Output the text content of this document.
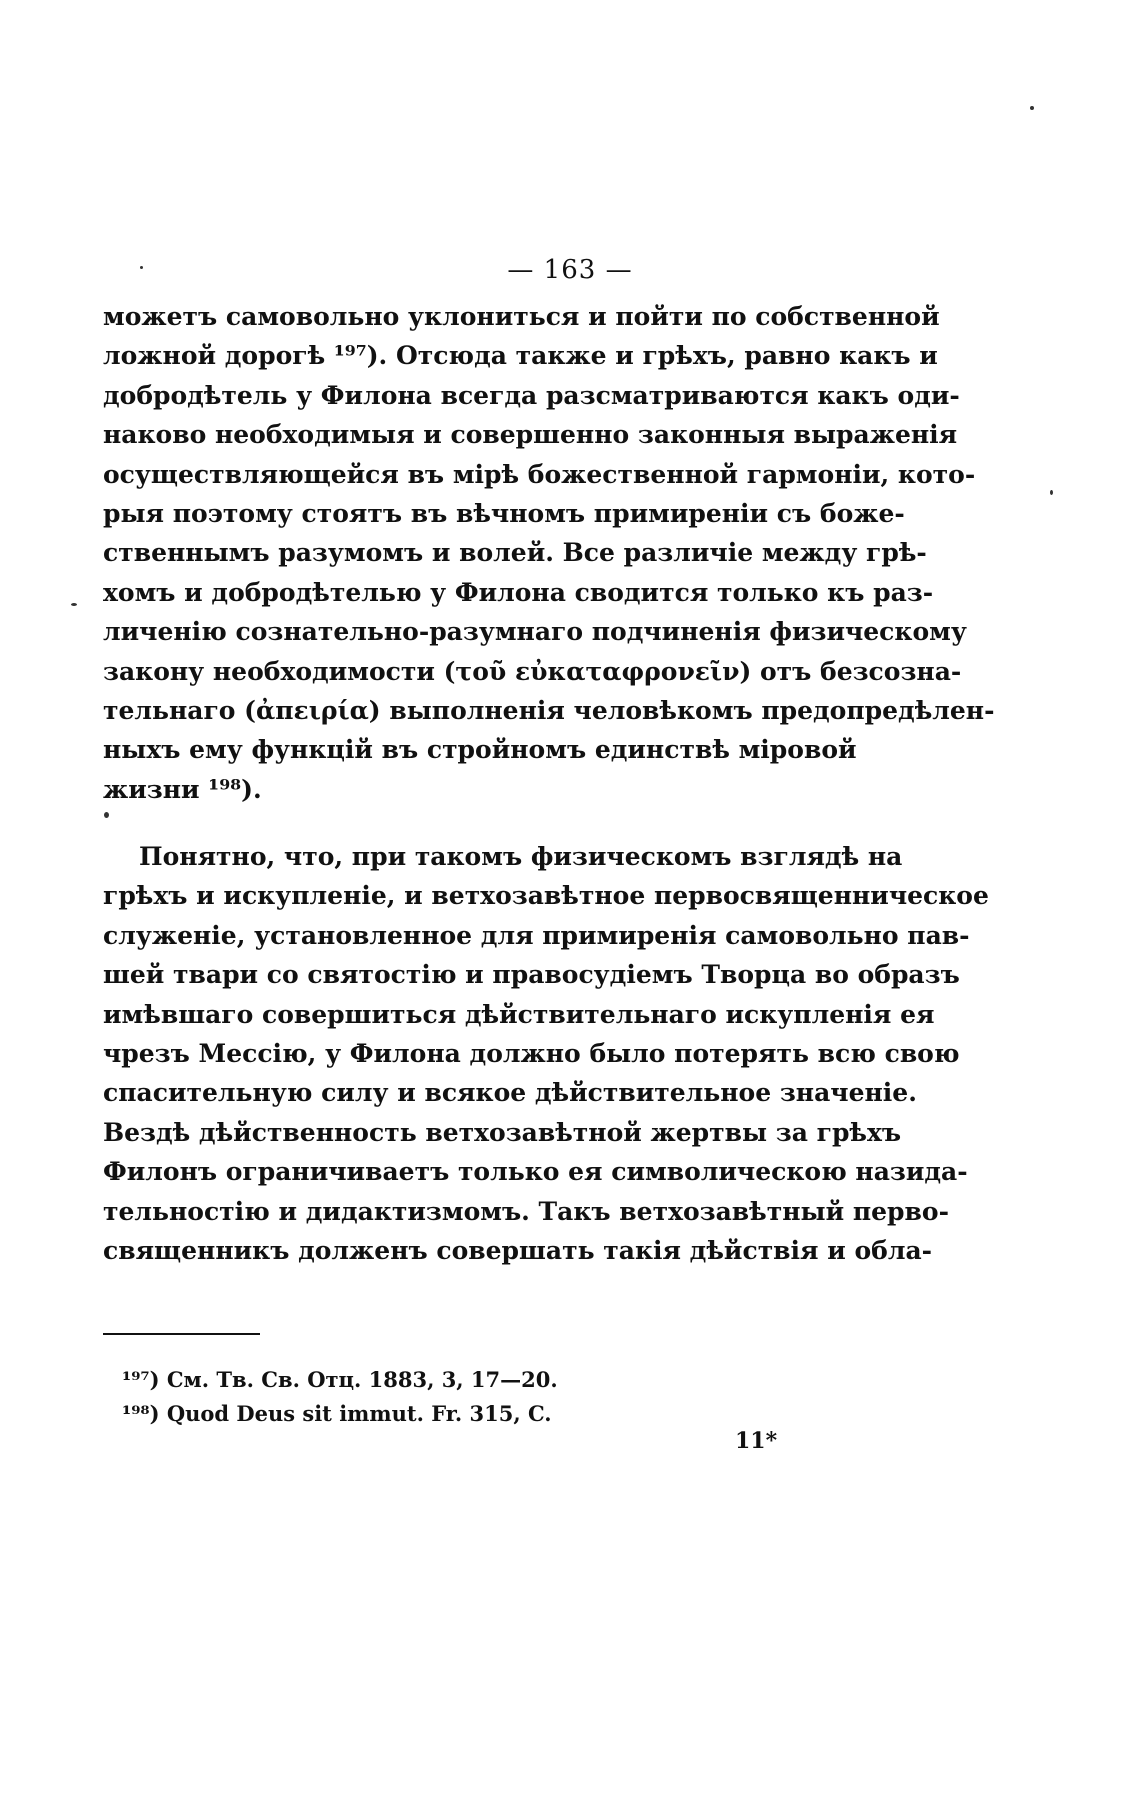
— 163 —
можетъ самовольно уклониться и пойти по собственной
ложной дорогѣ ¹⁹⁷). Отсюда также и грѣхъ, равно какъ и
добродѣтель у Филона всегда разсматриваются какъ оди-
наково необходимыя и совершенно законныя выраженія
осуществляющейся въ мірѣ божественной гармоніи, кото-
рыя поэтому стоятъ въ вѣчномъ примиреніи съ боже-
ственнымъ разумомъ и волей. Все различіе между грѣ-
хомъ и добродѣтелью у Филона сводится только къ раз-
личенію сознательно-разумнаго подчиненія физическому
закону необходимости (τοῦ εὐκαταφρονεῖν) отъ безсозна-
тельнаго (ἀπειρία) выполненія человѣкомъ предопредѣлен-
ныхъ ему функцій въ стройномъ единствѣ міровой
жизни ¹⁹⁸).
Понятно, что, при такомъ физическомъ взглядѣ на
грѣхъ и искупленіе, и ветхозавѣтное первосвященническое
служеніе, установленное для примиренія самовольно пав-
шей твари со святостію и правосудіемъ Творца во образъ
имѣвшаго совершиться дѣйствительнаго искупленія ея
чрезъ Мессію, у Филона должно было потерять всю свою
спасительную силу и всякое дѣйствительное значеніе.
Вездѣ дѣйственность ветхозавѣтной жертвы за грѣхъ
Филонъ ограничиваетъ только ея символическою назида-
тельностію и дидактизмомъ. Такъ ветхозавѣтный перво-
священникъ долженъ совершать такія дѣйствія и обла-
¹⁹⁷) См. Тв. Св. Отц. 1883, 3, 17—20.
¹⁹⁸) Quod Deus sit immut. Fr. 315, C.
11*
